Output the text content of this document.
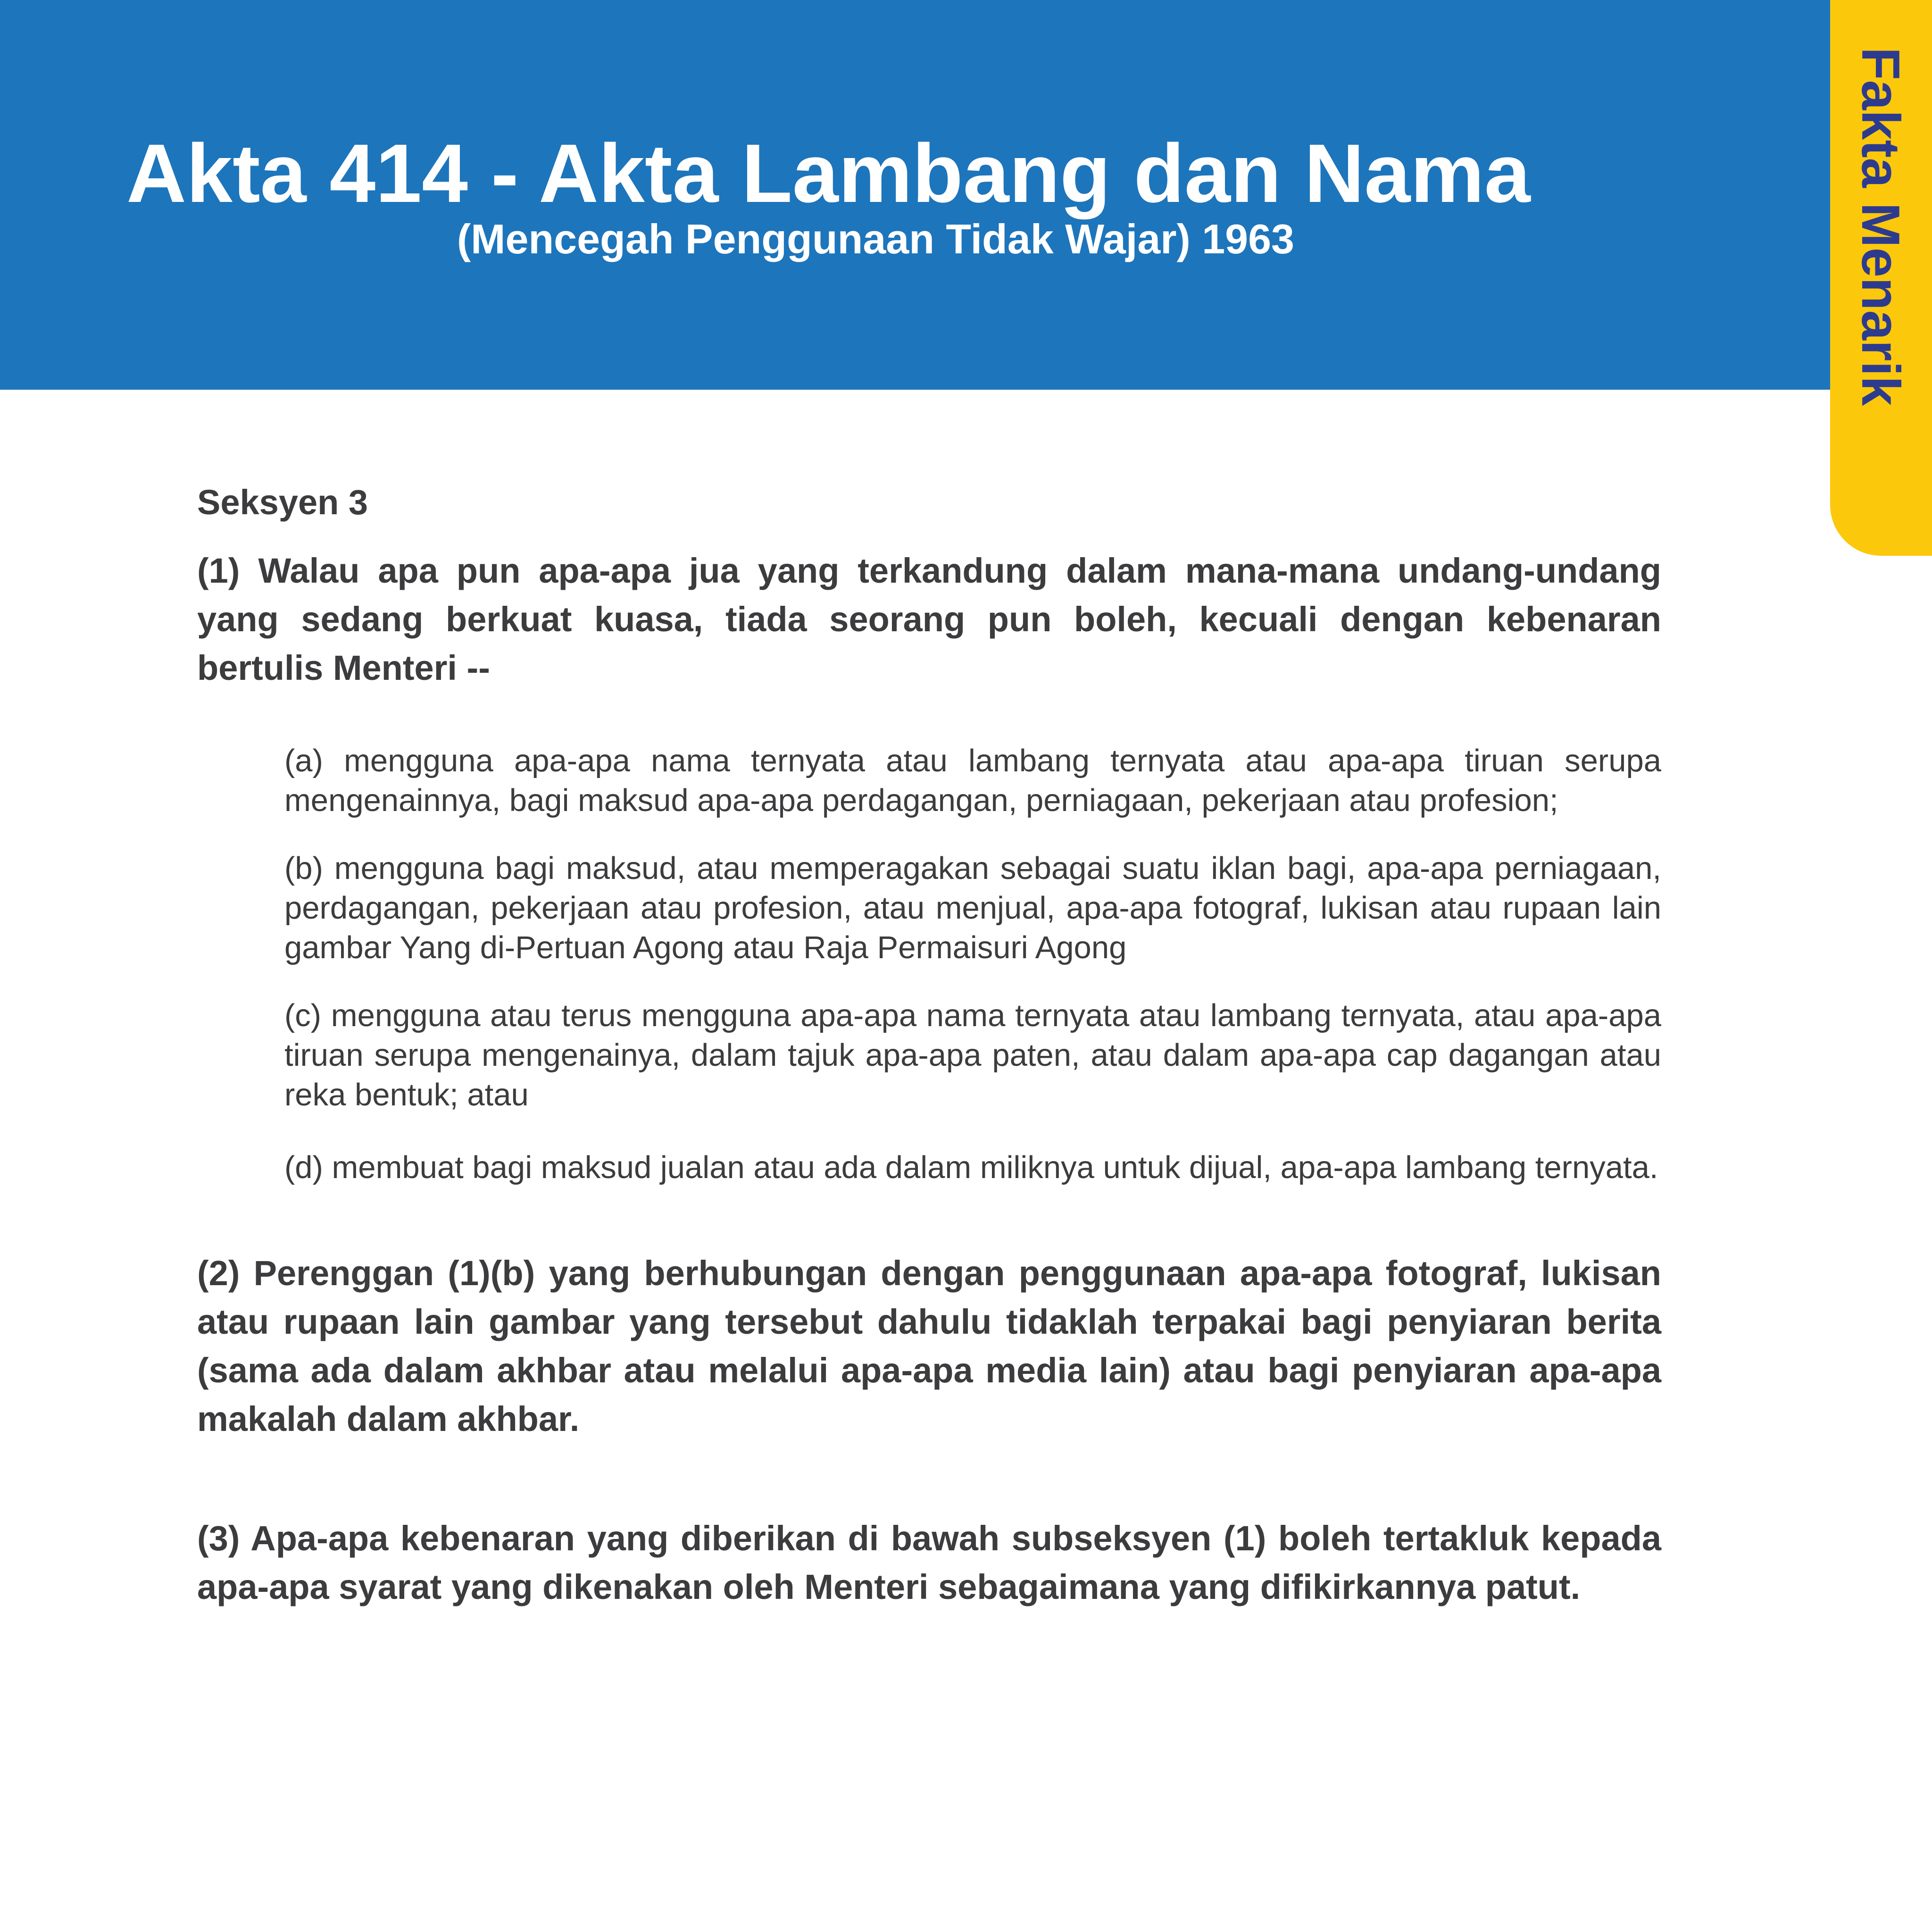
Akta 414 - Akta Lambang dan Nama

(Mencegah Penggunaan Tidak Wajar) 1963	Fakta Menarik
Seksyen 3

(1) Walau apa pun apa-apa jua yang terkandung dalam mana-mana undang-undang yang sedang berkuat kuasa, tiada seorang pun boleh, kecuali dengan kebenaran bertulis Menteri --

(a) mengguna apa-apa nama ternyata atau lambang ternyata atau apa-apa tiruan serupa mengenainnya, bagi maksud apa-apa perdagangan, perniagaan, pekerjaan atau profesion;
(b) mengguna bagi maksud, atau memperagakan sebagai suatu iklan bagi, apa-apa perniagaan, perdagangan, pekerjaan atau profesion, atau menjual, apa-apa fotograf, lukisan atau rupaan lain gambar Yang di-Pertuan Agong atau Raja Permaisuri Agong
(c) mengguna atau terus mengguna apa-apa nama ternyata atau lambang ternyata, atau apa-apa tiruan serupa mengenainya, dalam tajuk apa-apa paten, atau dalam apa-apa cap dagangan atau reka bentuk; atau
(d) membuat bagi maksud jualan atau ada dalam miliknya untuk dijual, apa-apa lambang ternyata.

(2) Perenggan (1)(b) yang berhubungan dengan penggunaan apa-apa fotograf, lukisan atau rupaan lain gambar yang tersebut dahulu tidaklah terpakai bagi penyiaran berita (sama ada dalam akhbar atau melalui apa-apa media lain) atau bagi penyiaran apa-apa makalah dalam akhbar.

(3) Apa-apa kebenaran yang diberikan di bawah subseksyen (1) boleh tertakluk kepada apa-apa syarat yang dikenakan oleh Menteri sebagaimana yang difikirkannya patut.
